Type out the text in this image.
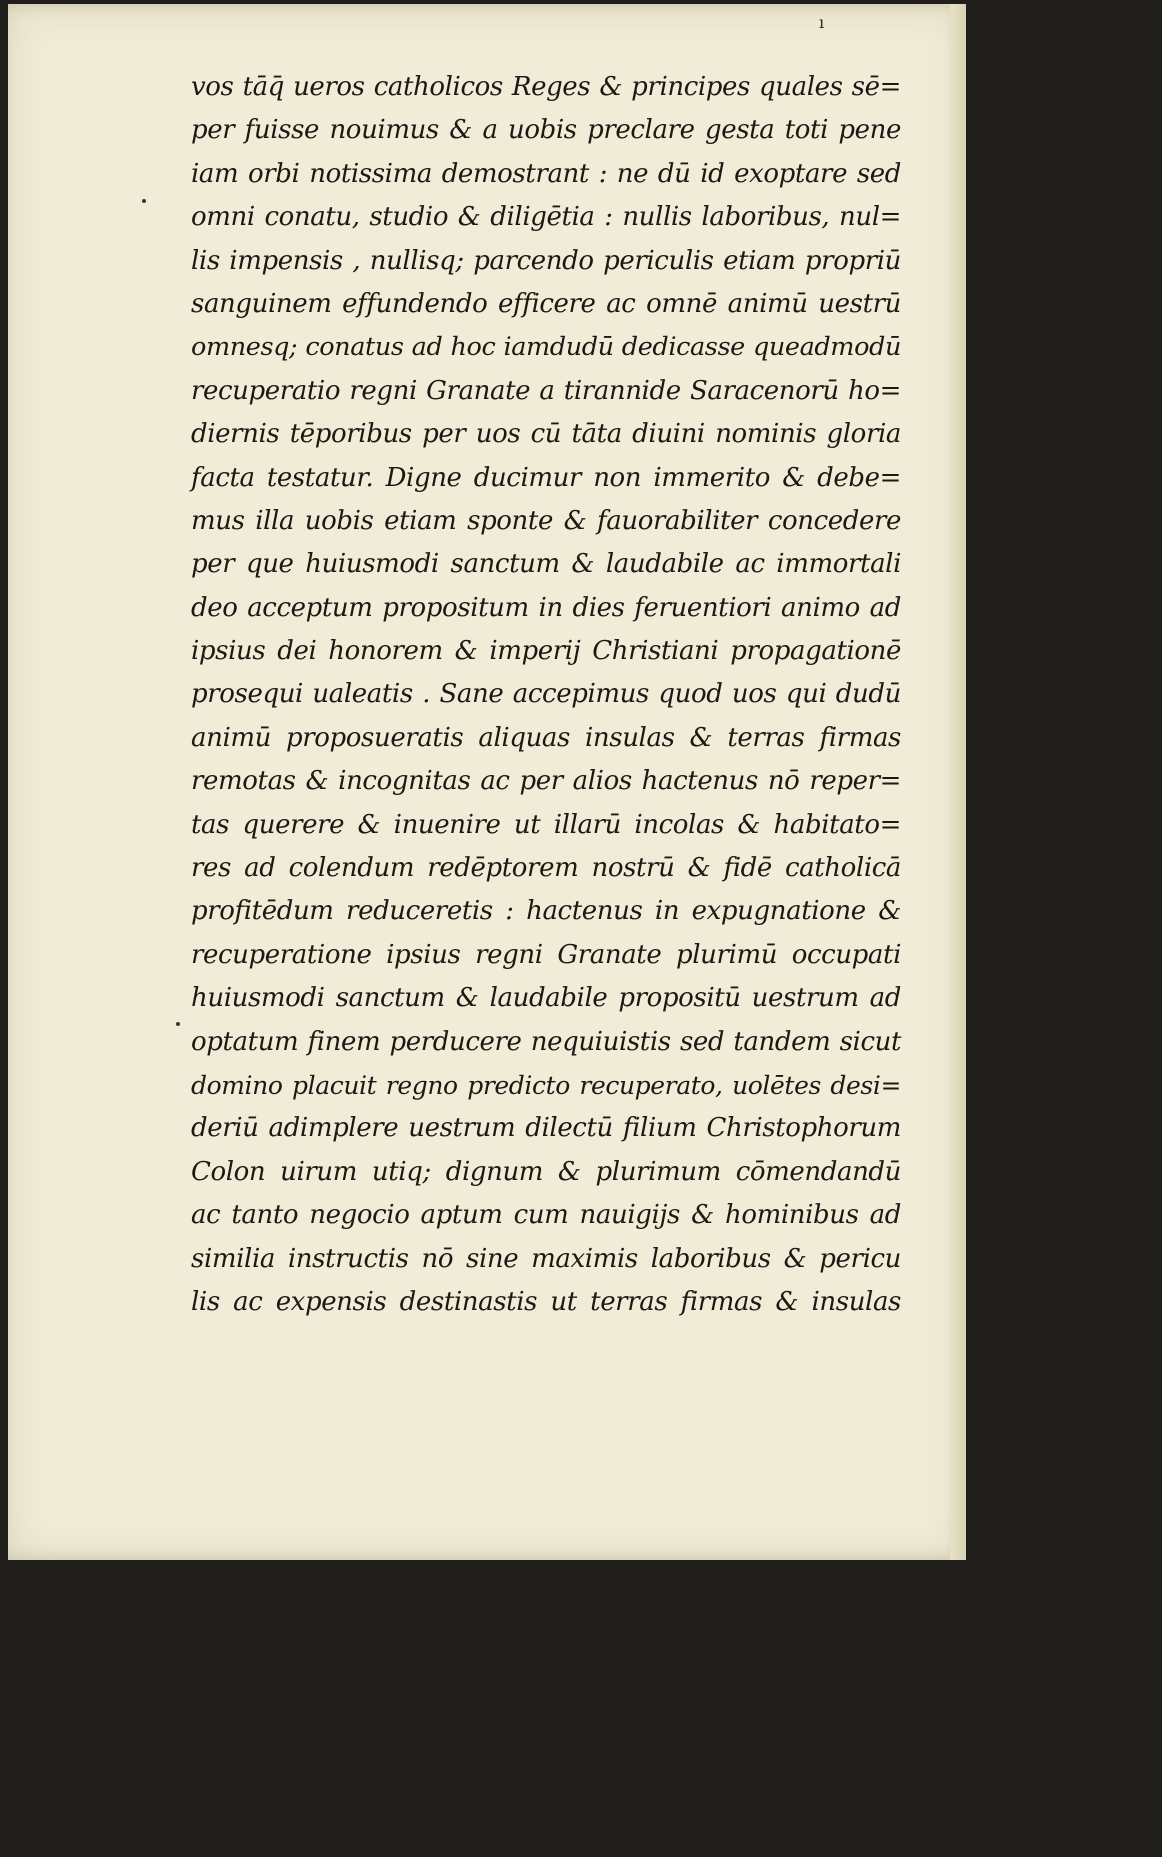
ı
vos tāq̄ ueros catholicos Reges & principes quales sē=
per fuisse nouimus & a uobis preclare gesta toti pene
iam orbi notissima demostrant : ne dū id exoptare sed
omni conatu, studio & diligētia : nullis laboribus, nul=
lis impensis , nullisq; parcendo periculis etiam propriū
sanguinem effundendo efficere ac omnē animū uestrū
omnesq; conatus ad hoc iamdudū dedicasse queadmodū
recuperatio regni Granate a tirannide Saracenorū ho=
diernis tēporibus per uos cū tāta diuini nominis gloria
facta testatur. Digne ducimur non immerito & debe=
mus illa uobis etiam sponte & fauorabiliter concedere
per que huiusmodi sanctum & laudabile ac immortali
deo acceptum propositum in dies feruentiori animo ad
ipsius dei honorem & imperij Christiani propagationē
prosequi ualeatis . Sane accepimus quod uos qui dudū
animū proposueratis aliquas insulas & terras firmas
remotas & incognitas ac per alios hactenus nō reper=
tas querere & inuenire ut illarū incolas & habitato=
res ad colendum redēptorem nostrū & fidē catholicā
profitēdum reduceretis : hactenus in expugnatione &
recuperatione ipsius regni Granate plurimū occupati
huiusmodi sanctum & laudabile propositū uestrum ad
optatum finem perducere nequiuistis sed tandem sicut
domino placuit regno predicto recuperato, uolētes desi=
deriū adimplere uestrum dilectū filium Christophorum
Colon uirum utiq; dignum & plurimum cōmendandū
ac tanto negocio aptum cum nauigijs & hominibus ad
similia instructis nō sine maximis laboribus & pericu
lis ac expensis destinastis ut terras firmas & insulas
